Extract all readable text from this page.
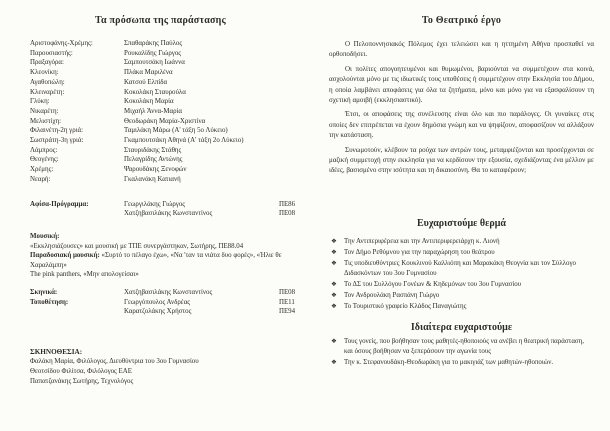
Τα πρόσωπα της παράστασης
Αριστοφάνης-Χρέμης:	Σπαθαράκης Παύλος
Παρουσιαστής:	Ρουκαλίδης Γιώργος
Πραξαγόρα:	Σαμπουτσάκη Ιωάννα
Κλεονίκη:	Πλάκα Μαριλένα
Αγαθοπώλη:	Κατσού Ελπίδα
Κλειναρέτη:	Κοκολάκη Σταυρούλα
Γλύκη:	Κοκολάκη Μαρία
Νικαρέτη:	Μιχαήλ Άννα-Μαρία
Μελιστίχη:	Θεοδωράκη Μαρία-Χριστίνα
Φιλαινέτη-2η γριά:	Ταμιλάκη Μάρω (Α' τάξη 5ο Λύκειο)
Σωστράτη-3η γριά:	Γκαμπουτσάκη Αθηνά (Α' τάξη 2ο Λύκειο)
Λάμπρος:	Σταυριδάκης Στάθης
Θεογένης:	Πελαγρίδης Αντώνης
Χρέμης:	Ψαρουδάκης Ξενοφών
Νεαρή:	Γκαλανάκη Κατιανή
Αφίσα-Πρόγραμμα:	Γεωργιλάκης Γιώργος	ΠΕ86
Χατζηβασιλάκης Κωνσταντίνος	ΠΕ08
Μουσική:
«Εκκλησιάζουσες» και μουσική με ΤΠΕ συνεργάστηκαν, Σωτήρης, ΠΕ88.04
Παραδοσιακή μουσική: «Συρτό το πέλαγο έχω», «Να 'ταν τα νιάτα δυο φορές», «Ήλιε θε Χαραλάμπη»
The pink panthers, «Μην απολογείσαι»
Σκηνικά:	Χατζηβασιλάκης Κωνσταντίνος	ΠΕ08
Τοποθέτηση:	Γεωργόπουλος Ανδρέας	ΠΕ11
Καρατζολάκης Χρήστος	ΠΕ94
ΣΚΗΝΟΘΕΣΙΑ:
Φαλάκη Μαρία, Φιλόλογος, Διευθύντρια του 3ου Γυμνασίου
Θεοτσίδου Φιλίτσα, Φιλόλογος ΕΑΕ
Παπατζανάκης Σωτήρης, Τεχνολόγος
Το Θεατρικό έργο

Ο Πελοποννησιακός Πόλεμος έχει τελειώσει και η ηττημένη Αθήνα προσπαθεί να ορθοποδήσει.

Οι πολίτες απογοητευμένοι και θυμωμένοι, βαριούνται να συμμετέχουν στα κοινά, ασχολούνται μόνο με τις ιδιωτικές τους υποθέσεις ή συμμετέχουν στην Εκκλησία του Δήμου, η οποία λαμβάνει αποφάσεις για όλα τα ζητήματα, μόνο και μόνο για να εξασφαλίσουν τη σχετική αμοιβή (εκκλησιαστικό).

Έτσι, οι αποφάσεις της συνέλευσης είναι όλο και πιο παράλογες. Οι γυναίκες στις οποίες δεν επιτρέπεται να έχουν δημόσια γνώμη και να ψηφίζουν, αποφασίζουν να αλλάξουν την κατάσταση.

Συνωμοτούν, κλέβουν τα ρούχα των αντρών τους, μεταμφιέζονται και προσέρχονται σε μαζική συμμετοχή στην εκκλησία για να κερδίσουν την εξουσία, σχεδιάζοντας ένα μέλλον με ιδέες, βασισμένο στην ισότητα και τη δικαιοσύνη. Θα το καταφέρουν;

Ευχαριστούμε θερμά
❖ Την Αντιπεριφέρεια και την Αντιπεριφερειάρχη κ. Λιονή
❖ Τον Δήμο Ρεθύμνου για την παραχώρηση του θεάτρου
❖ Τις υποδιευθύντριες Κουκλινού Καλλιόπη και Μαρακάκη Θεογνία και τον Σύλλογο Διδασκόντων του 3ου Γυμνασίου
❖ Το ΔΣ του Συλλόγου Γονέων & Κηδεμόνων του 3ου Γυμνασίου
❖ Τον Ανδρουλάκη Ρασπάνη Γιώργο
❖ Το Τουριστικό γραφείο Κλάδος Παναγιώτης
Ιδιαίτερα ευχαριστούμε
❖ Τους γονείς, που βοήθησαν τους μαθητές-ηθοποιούς να ανέβει η θεατρική παράσταση, και όσους βοήθησαν να ξεπεράσουν την αγωνία τους
❖ Την κ. Στεφανουδάκη-Θεοδωράκη για το μακιγιάζ των μαθητών-ηθοποιών.
